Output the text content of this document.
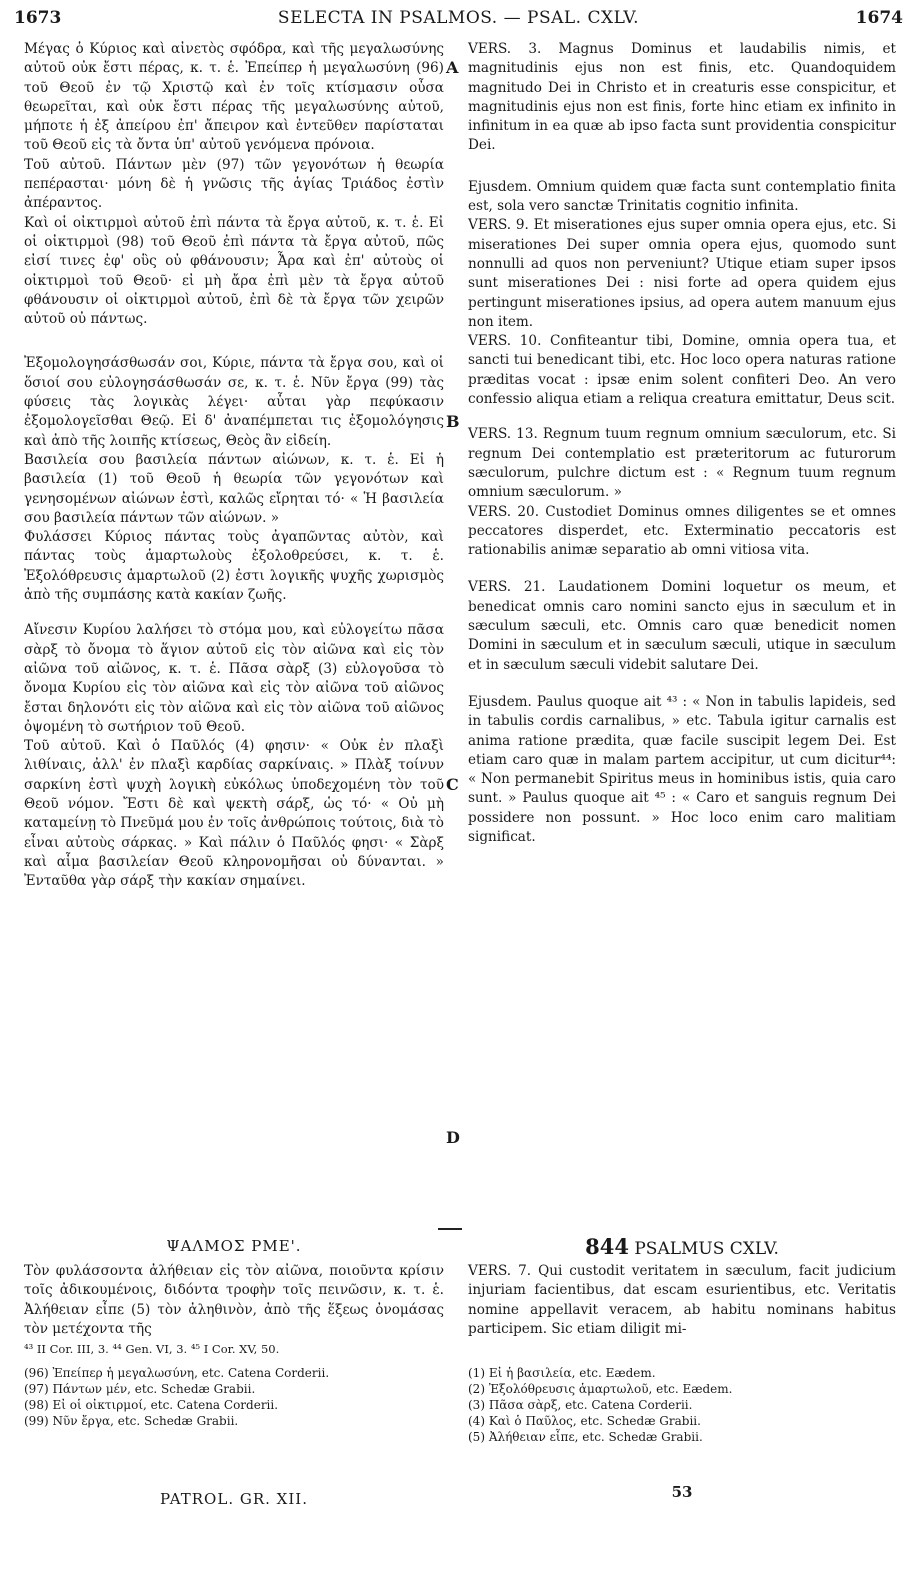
1673	SELECTA IN PSALMOS. — PSAL. CXLV.	1674

Μέγας ὁ Κύριος καὶ αἰνετὸς σφόδρα, καὶ τῆς μεγαλωσύνης αὐτοῦ οὐκ ἔστι πέρας, κ. τ. ἑ. Ἐπείπερ ἡ μεγαλωσύνη (96) τοῦ Θεοῦ ἐν τῷ Χριστῷ καὶ ἐν τοῖς κτίσμασιν οὖσα θεωρεῖται, καὶ οὐκ ἔστι πέρας τῆς μεγαλωσύνης αὐτοῦ, μήποτε ἡ ἐξ ἀπείρου ἐπ' ἄπειρον καὶ ἐντεῦθεν παρίσταται τοῦ Θεοῦ εἰς τὰ ὄντα ὑπ' αὐτοῦ γενόμενα πρόνοια.

Τοῦ αὐτοῦ. Πάντων μὲν (97) τῶν γεγονότων ἡ θεωρία πεπέρασται· μόνη δὲ ἡ γνῶσις τῆς ἁγίας Τριάδος ἐστὶν ἀπέραντος.

Καὶ οἱ οἰκτιρμοὶ αὐτοῦ ἐπὶ πάντα τὰ ἔργα αὐτοῦ, κ. τ. ἑ. Εἰ οἱ οἰκτιρμοὶ (98) τοῦ Θεοῦ ἐπὶ πάντα τὰ ἔργα αὐτοῦ, πῶς εἰσί τινες ἐφ' οὓς οὐ φθάνουσιν; Ἆρα καὶ ἐπ' αὐτοὺς οἱ οἰκτιρμοὶ τοῦ Θεοῦ· εἰ μὴ ἄρα ἐπὶ μὲν τὰ ἔργα αὐτοῦ φθάνουσιν οἱ οἰκτιρμοὶ αὐτοῦ, ἐπὶ δὲ τὰ ἔργα τῶν χειρῶν αὐτοῦ οὐ πάντως.

Ἐξομολογησάσθωσάν σοι, Κύριε, πάντα τὰ ἔργα σου, καὶ οἱ ὅσιοί σου εὐλογησάσθωσάν σε, κ. τ. ἑ. Νῦν ἔργα (99) τὰς φύσεις τὰς λογικὰς λέγει· αὗται γὰρ πεφύκασιν ἐξομολογεῖσθαι Θεῷ. Εἰ δ' ἀναπέμπεται τις ἐξομολόγησις καὶ ἀπὸ τῆς λοιπῆς κτίσεως, Θεὸς ἂν εἰδείη.

Βασιλεία σου βασιλεία πάντων αἰώνων, κ. τ. ἑ. Εἰ ἡ βασιλεία (1) τοῦ Θεοῦ ἡ θεωρία τῶν γεγονότων καὶ γενησομένων αἰώνων ἐστὶ, καλῶς εἴρηται τό· « Ἡ βασιλεία σου βασιλεία πάντων τῶν αἰώνων. »

Φυλάσσει Κύριος πάντας τοὺς ἀγαπῶντας αὐτὸν, καὶ πάντας τοὺς ἁμαρτωλοὺς ἐξολοθρεύσει, κ. τ. ἑ. Ἐξολόθρευσις ἁμαρτωλοῦ (2) ἐστι λογικῆς ψυχῆς χωρισμὸς ἀπὸ τῆς συμπάσης κατὰ κακίαν ζωῆς.

Αἴνεσιν Κυρίου λαλήσει τὸ στόμα μου, καὶ εὐλογείτω πᾶσα σὰρξ τὸ ὄνομα τὸ ἅγιον αὐτοῦ εἰς τὸν αἰῶνα καὶ εἰς τὸν αἰῶνα τοῦ αἰῶνος, κ. τ. ἑ. Πᾶσα σὰρξ (3) εὐλογοῦσα τὸ ὄνομα Κυρίου εἰς τὸν αἰῶνα καὶ εἰς τὸν αἰῶνα τοῦ αἰῶνος ἔσται δηλονότι εἰς τὸν αἰῶνα καὶ εἰς τὸν αἰῶνα τοῦ αἰῶνος ὀψομένη τὸ σωτήριον τοῦ Θεοῦ.

Τοῦ αὐτοῦ. Καὶ ὁ Παῦλός (4) φησιν· « Οὐκ ἐν πλαξὶ λιθίναις, ἀλλ' ἐν πλαξὶ καρδίας σαρκίναις. » Πλὰξ τοίνυν σαρκίνη ἐστὶ ψυχὴ λογικὴ εὐκόλως ὑποδεχομένη τὸν τοῦ Θεοῦ νόμον. Ἔστι δὲ καὶ ψεκτὴ σάρξ, ὡς τό· « Οὐ μὴ καταμείνῃ τὸ Πνεῦμά μου ἐν τοῖς ἀνθρώποις τούτοις, διὰ τὸ εἶναι αὐτοὺς σάρκας. » Καὶ πάλιν ὁ Παῦλός φησι· « Σὰρξ καὶ αἷμα βασιλείαν Θεοῦ κληρονομῆσαι οὐ δύνανται. » Ἐνταῦθα γὰρ σάρξ τὴν κακίαν σημαίνει.

VERS. 3. Magnus Dominus et laudabilis nimis, et magnitudinis ejus non est finis, etc. Quandoquidem magnitudo Dei in Christo et in creaturis esse conspicitur, et magnitudinis ejus non est finis, forte hinc etiam ex infinito in infinitum in ea quæ ab ipso facta sunt providentia conspicitur Dei.

Ejusdem. Omnium quidem quæ facta sunt contemplatio finita est, sola vero sanctæ Trinitatis cognitio infinita.

VERS. 9. Et miserationes ejus super omnia opera ejus, etc. Si miserationes Dei super omnia opera ejus, quomodo sunt nonnulli ad quos non perveniunt? Utique etiam super ipsos sunt miserationes Dei : nisi forte ad opera quidem ejus pertingunt miserationes ipsius, ad opera autem manuum ejus non item.

VERS. 10. Confiteantur tibi, Domine, omnia opera tua, et sancti tui benedicant tibi, etc. Hoc loco opera naturas ratione præditas vocat : ipsæ enim solent confiteri Deo. An vero confessio aliqua etiam a reliqua creatura emittatur, Deus scit.

VERS. 13. Regnum tuum regnum omnium sæculorum, etc. Si regnum Dei contemplatio est præteritorum ac futurorum sæculorum, pulchre dictum est : « Regnum tuum regnum omnium sæculorum. »

VERS. 20. Custodiet Dominus omnes diligentes se et omnes peccatores disperdet, etc. Exterminatio peccatoris est rationabilis animæ separatio ab omni vitiosa vita.

VERS. 21. Laudationem Domini loquetur os meum, et benedicat omnis caro nomini sancto ejus in sæculum et in sæculum sæculi, etc. Omnis caro quæ benedicit nomen Domini in sæculum et in sæculum sæculi, utique in sæculum et in sæculum sæculi videbit salutare Dei.

Ejusdem. Paulus quoque ait ⁴³ : « Non in tabulis lapideis, sed in tabulis cordis carnalibus, » etc. Tabula igitur carnalis est anima ratione prædita, quæ facile suscipit legem Dei. Est etiam caro quæ in malam partem accipitur, ut cum dicitur⁴⁴: « Non permanebit Spiritus meus in hominibus istis, quia caro sunt. » Paulus quoque ait ⁴⁵ : « Caro et sanguis regnum Dei possidere non possunt. » Hoc loco enim caro malitiam significat.

A
B
C
D
ΨΑΛΜΟΣ ΡΜΕ'.	844 PSALMUS CXLV.

Τὸν φυλάσσοντα ἀλήθειαν εἰς τὸν αἰῶνα, ποιοῦντα κρίσιν τοῖς ἀδικουμένοις, διδόντα τροφὴν τοῖς πεινῶσιν, κ. τ. ἑ. Ἀλήθειαν εἶπε (5) τὸν ἀληθινὸν, ἀπὸ τῆς ἕξεως ὀνομάσας τὸν μετέχοντα τῆς

⁴³ II Cor. III, 3. ⁴⁴ Gen. VI, 3. ⁴⁵ I Cor. XV, 50.

(96) Ἐπείπερ ἡ μεγαλωσύνη, etc. Catena Corderii.

(97) Πάντων μέν, etc. Schedæ Grabii.

(98) Εἰ οἱ οἰκτιρμοί, etc. Catena Corderii.

(99) Νῦν ἔργα, etc. Schedæ Grabii.

VERS. 7. Qui custodit veritatem in sæculum, facit judicium injuriam facientibus, dat escam esurientibus, etc. Veritatis nomine appellavit veracem, ab habitu nominans habitus participem. Sic etiam diligit mi-

(1) Εἰ ἡ βασιλεία, etc. Eædem.

(2) Ἐξολόθρευσις ἁμαρτωλοῦ, etc. Eædem.

(3) Πᾶσα σὰρξ, etc. Catena Corderii.

(4) Καὶ ὁ Παῦλος, etc. Schedæ Grabii.

(5) Ἀλήθειαν εἶπε, etc. Schedæ Grabii.

PATROL. GR. XII.	53
